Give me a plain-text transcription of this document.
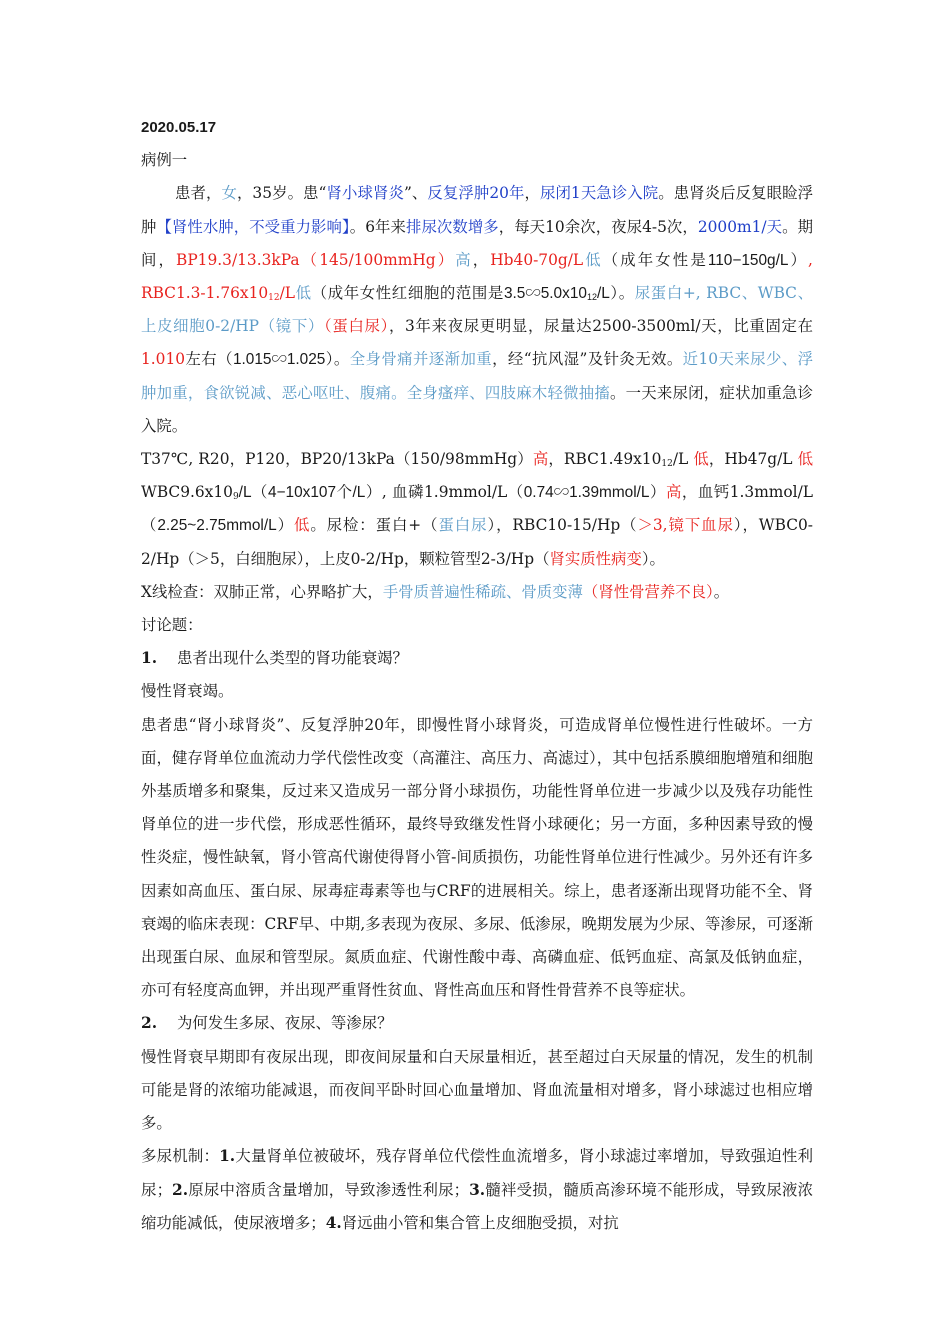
2020.05.17

病例一

患者，女，35岁。患“肾小球肾炎”、反复浮肿20年，尿闭1天急诊入院。患肾炎后反复眼睑浮肿【肾性水肿，不受重力影响】。6年来排尿次数增多，每天10余次，夜尿4-5次，2000m1/天。期间，BP19.3/13.3kPa（145/100mmHg）高，Hb40-70g/L低（成年女性是110−150g/L）, $RBC1.3-1.76x10_{12}/L$低（成年女性红细胞的范围是$3.5∽5.0x10_{12}/L$）。尿蛋白+, RBC、WBC、上皮细胞0-2/HP（镜下）（蛋白尿），3年来夜尿更明显，尿量达2500-3500ml/天，比重固定在1.010左右（1.015∽1.025）。全身骨痛并逐渐加重，经“抗风湿”及针灸无效。近10天来尿少、浮肿加重，食欲锐减、恶心呕吐、腹痛。全身瘙痒、四肢麻木轻微抽搐。一天来尿闭，症状加重急诊入院。

T37℃, R20，P120，BP20/13kPa（150/98mmHg）高，$RBC1.49x10_{12}/L$ 低，Hb47g/L 低 $WBC9.6x10_9/L(4-10x107$个/L）, 血磷1.9mmol/L（0.74∽1.39mmol/L）高，血钙1.3mmol/L（2.25~2.75mmol/L）低。尿检：蛋白+（蛋白尿），RBC10-15/Hp（＞3,镜下血尿），WBC0-2/Hp（＞5，白细胞尿），上皮0-2/Hp，颗粒管型2-3/Hp（肾实质性病变）。

X线检查：双肺正常，心界略扩大，手骨质普遍性稀疏、骨质变薄（肾性骨营养不良）。

讨论题：

1. 患者出现什么类型的肾功能衰竭？

慢性肾衰竭。

患者患“肾小球肾炎”、反复浮肿20年，即慢性肾小球肾炎，可造成肾单位慢性进行性破坏。一方面，健存肾单位血流动力学代偿性改变（高灌注、高压力、高滤过），其中包括系膜细胞增殖和细胞外基质增多和聚集，反过来又造成另一部分肾小球损伤，功能性肾单位进一步减少以及残存功能性肾单位的进一步代偿，形成恶性循环，最终导致继发性肾小球硬化；另一方面，多种因素导致的慢性炎症，慢性缺氧，肾小管高代谢使得肾小管-间质损伤，功能性肾单位进行性减少。另外还有许多因素如高血压、蛋白尿、尿毒症毒素等也与CRF的进展相关。综上，患者逐渐出现肾功能不全、肾衰竭的临床表现：CRF早、中期,多表现为夜尿、多尿、低渗尿，晚期发展为少尿、等渗尿，可逐渐出现蛋白尿、血尿和管型尿。氮质血症、代谢性酸中毒、高磷血症、低钙血症、高氯及低钠血症，亦可有轻度高血钾，并出现严重肾性贫血、肾性高血压和肾性骨营养不良等症状。

2. 为何发生多尿、夜尿、等渗尿？

慢性肾衰早期即有夜尿出现，即夜间尿量和白天尿量相近，甚至超过白天尿量的情况，发生的机制可能是肾的浓缩功能减退，而夜间平卧时回心血量增加、肾血流量相对增多，肾小球滤过也相应增多。

多尿机制：1.大量肾单位被破坏，残存肾单位代偿性血流增多，肾小球滤过率增加，导致强迫性利尿；2.原尿中溶质含量增加，导致渗透性利尿；3.髓袢受损，髓质高渗环境不能形成，导致尿液浓缩功能减低，使尿液增多；4.肾远曲小管和集合管上皮细胞受损，对抗
